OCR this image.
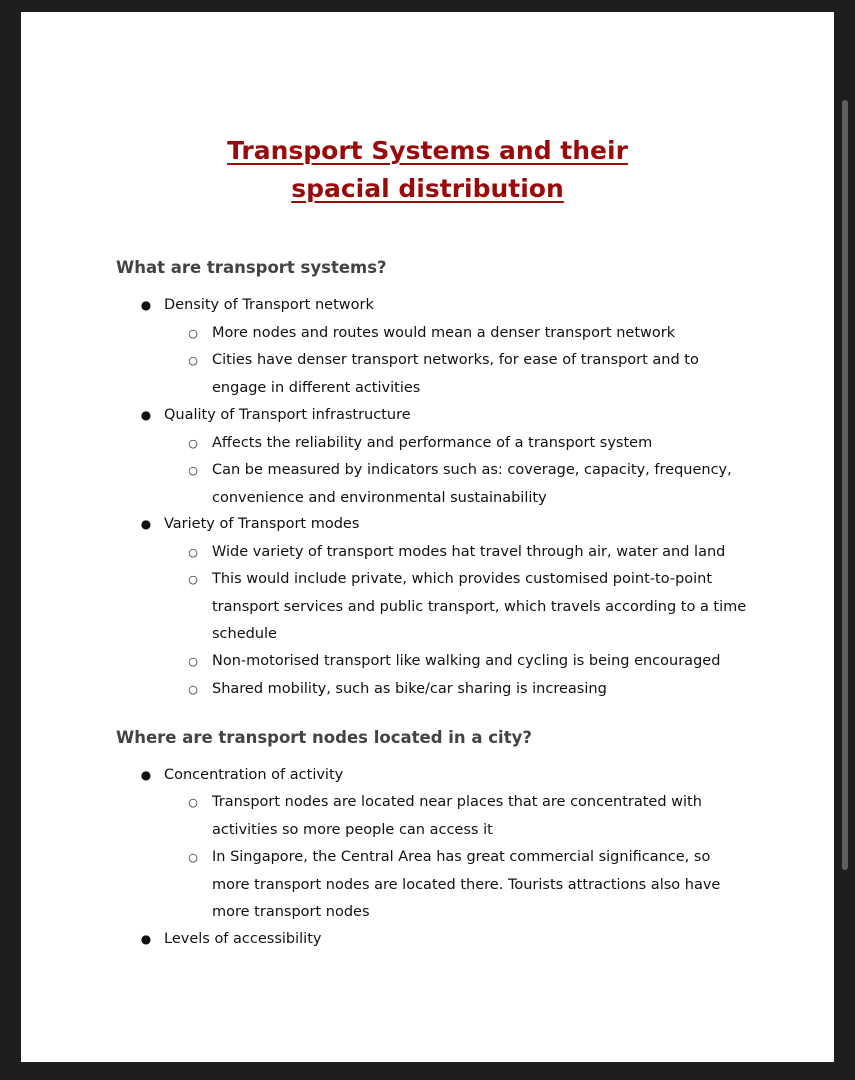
Transport Systems and their
spacial distribution
What are transport systems?
● Density of Transport network
○ More nodes and routes would mean a denser transport network
○ Cities have denser transport networks, for ease of transport and to
engage in different activities
● Quality of Transport infrastructure
○ Affects the reliability and performance of a transport system
○ Can be measured by indicators such as: coverage, capacity, frequency,
convenience and environmental sustainability
● Variety of Transport modes
○ Wide variety of transport modes hat travel through air, water and land
○ This would include private, which provides customised point-to-point
transport services and public transport, which travels according to a time
schedule
○ Non-motorised transport like walking and cycling is being encouraged
○ Shared mobility, such as bike/car sharing is increasing
Where are transport nodes located in a city?
● Concentration of activity
○ Transport nodes are located near places that are concentrated with
activities so more people can access it
○ In Singapore, the Central Area has great commercial significance, so
more transport nodes are located there. Tourists attractions also have
more transport nodes
● Levels of accessibility
